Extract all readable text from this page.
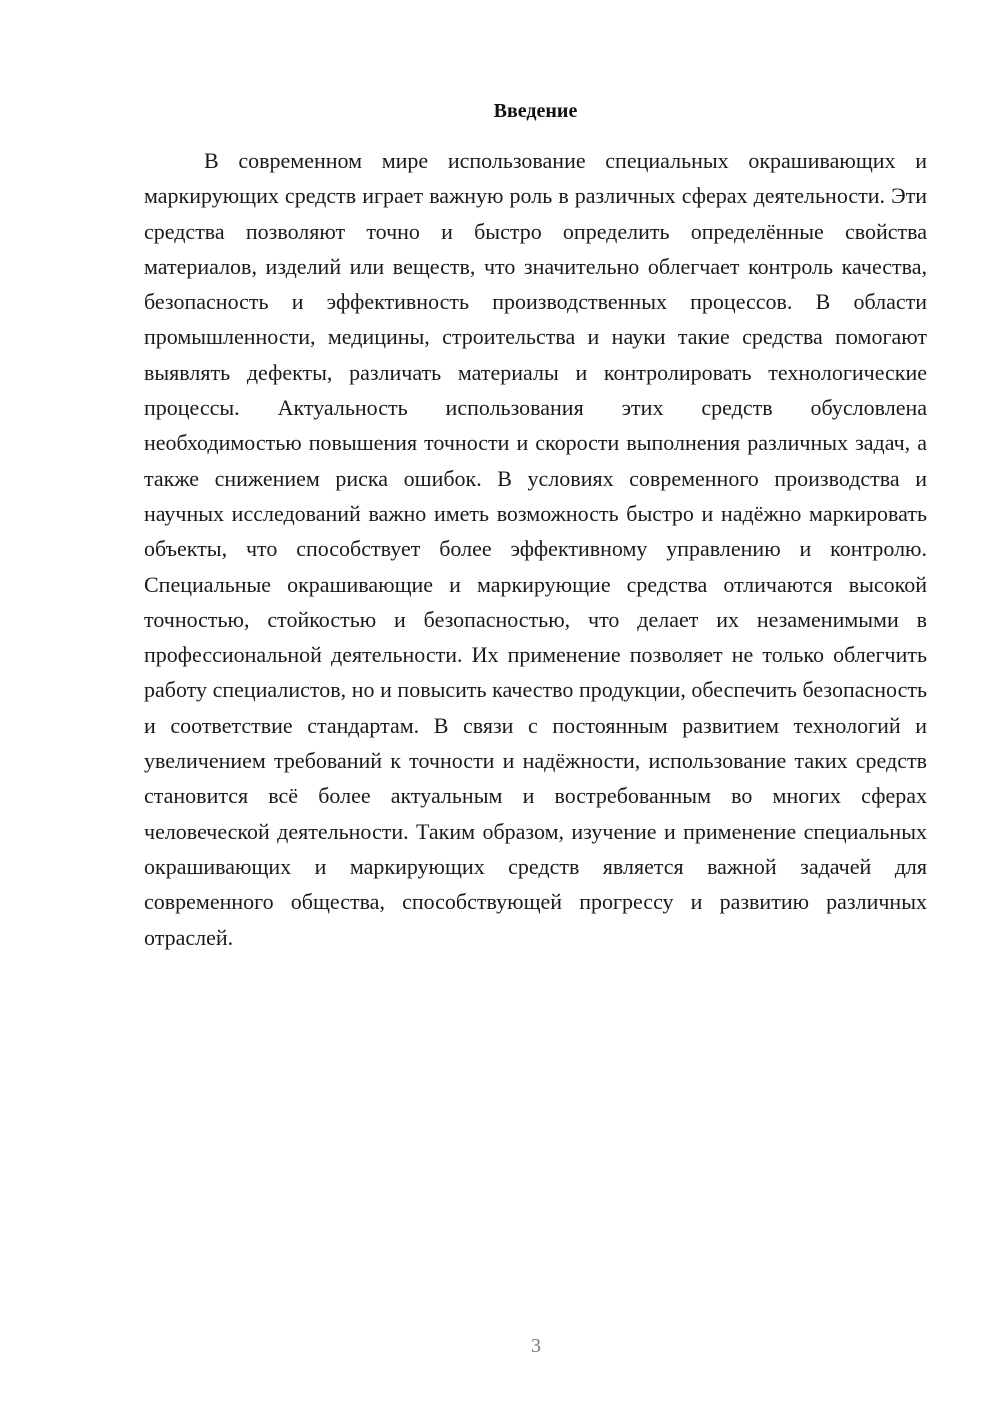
Введение

В современном мире использование специальных окрашивающих и маркирующих средств играет важную роль в различных сферах деятельности. Эти средства позволяют точно и быстро определить определённые свойства материалов, изделий или веществ, что значительно облегчает контроль качества, безопасность и эффективность производственных процессов. В области промышленности, медицины, строительства и науки такие средства помогают выявлять дефекты, различать материалы и контролировать технологические процессы. Актуальность использования этих средств обусловлена необходимостью повышения точности и скорости выполнения различных задач, а также снижением риска ошибок. В условиях современного производства и научных исследований важно иметь возможность быстро и надёжно маркировать объекты, что способствует более эффективному управлению и контролю. Специальные окрашивающие и маркирующие средства отличаются высокой точностью, стойкостью и безопасностью, что делает их незаменимыми в профессиональной деятельности. Их применение позволяет не только облегчить работу специалистов, но и повысить качество продукции, обеспечить безопасность и соответствие стандартам. В связи с постоянным развитием технологий и увеличением требований к точности и надёжности, использование таких средств становится всё более актуальным и востребованным во многих сферах человеческой деятельности. Таким образом, изучение и применение специальных окрашивающих и маркирующих средств является важной задачей для современного общества, способствующей прогрессу и развитию различных отраслей.

3
